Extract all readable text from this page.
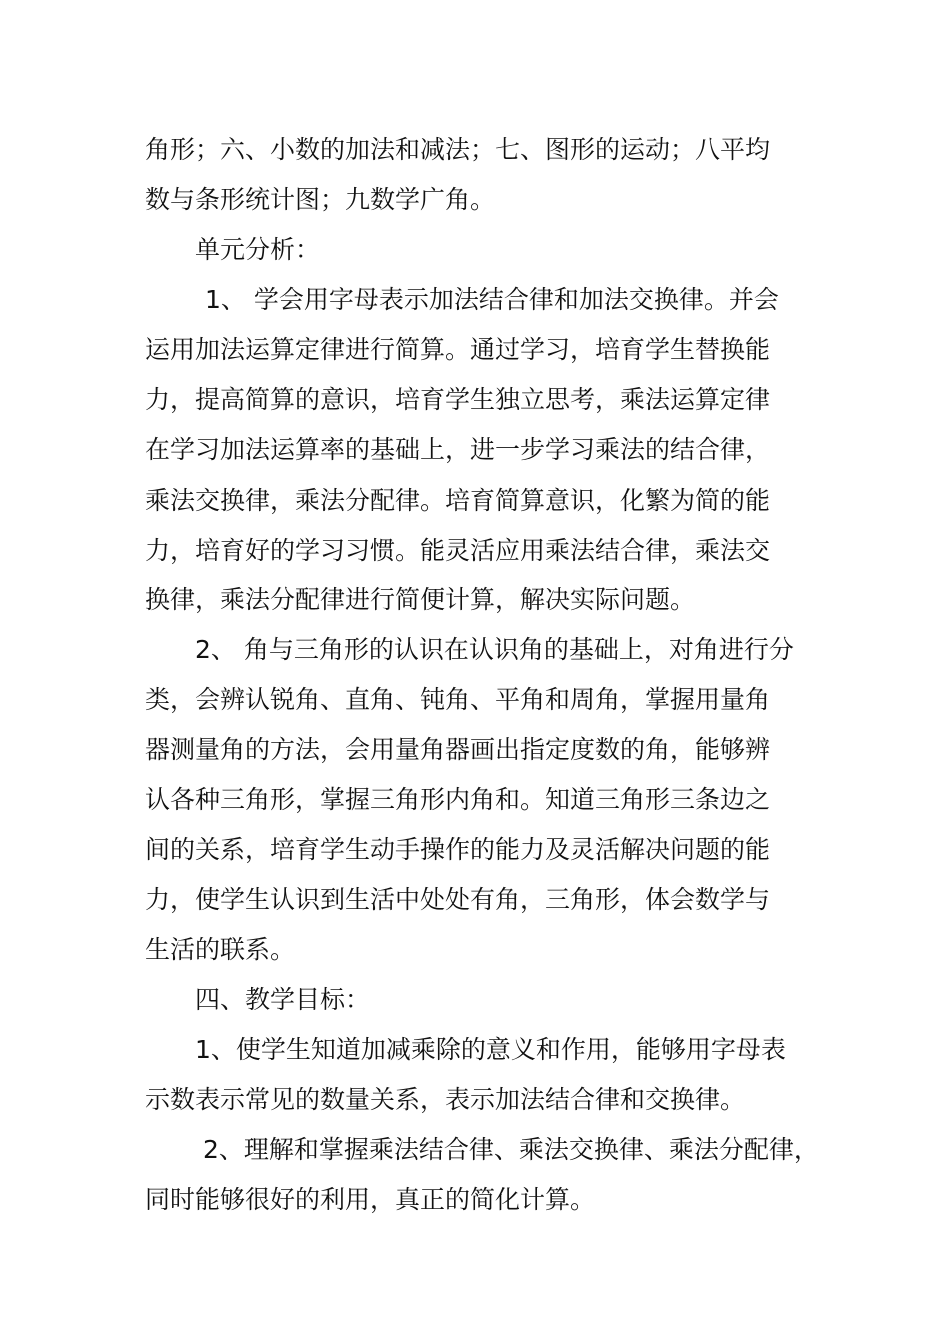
角形；六、小数的加法和减法；七、图形的运动；八平均
数与条形统计图；九数学广角。
单元分析：
1、 学会用字母表示加法结合律和加法交换律。并会
运用加法运算定律进行简算。通过学习，培育学生替换能
力，提高简算的意识，培育学生独立思考，乘法运算定律
在学习加法运算率的基础上，进一步学习乘法的结合律，
乘法交换律，乘法分配律。培育简算意识，化繁为简的能
力，培育好的学习习惯。能灵活应用乘法结合律，乘法交
换律，乘法分配律进行简便计算，解决实际问题。
2、 角与三角形的认识在认识角的基础上，对角进行分
类，会辨认锐角、直角、钝角、平角和周角，掌握用量角
器测量角的方法，会用量角器画出指定度数的角，能够辨
认各种三角形，掌握三角形内角和。知道三角形三条边之
间的关系，培育学生动手操作的能力及灵活解决问题的能
力，使学生认识到生活中处处有角，三角形，体会数学与
生活的联系。
四、教学目标：
1、使学生知道加减乘除的意义和作用，能够用字母表
示数表示常见的数量关系，表示加法结合律和交换律。
2、理解和掌握乘法结合律、乘法交换律、乘法分配律，
同时能够很好的利用，真正的简化计算。
